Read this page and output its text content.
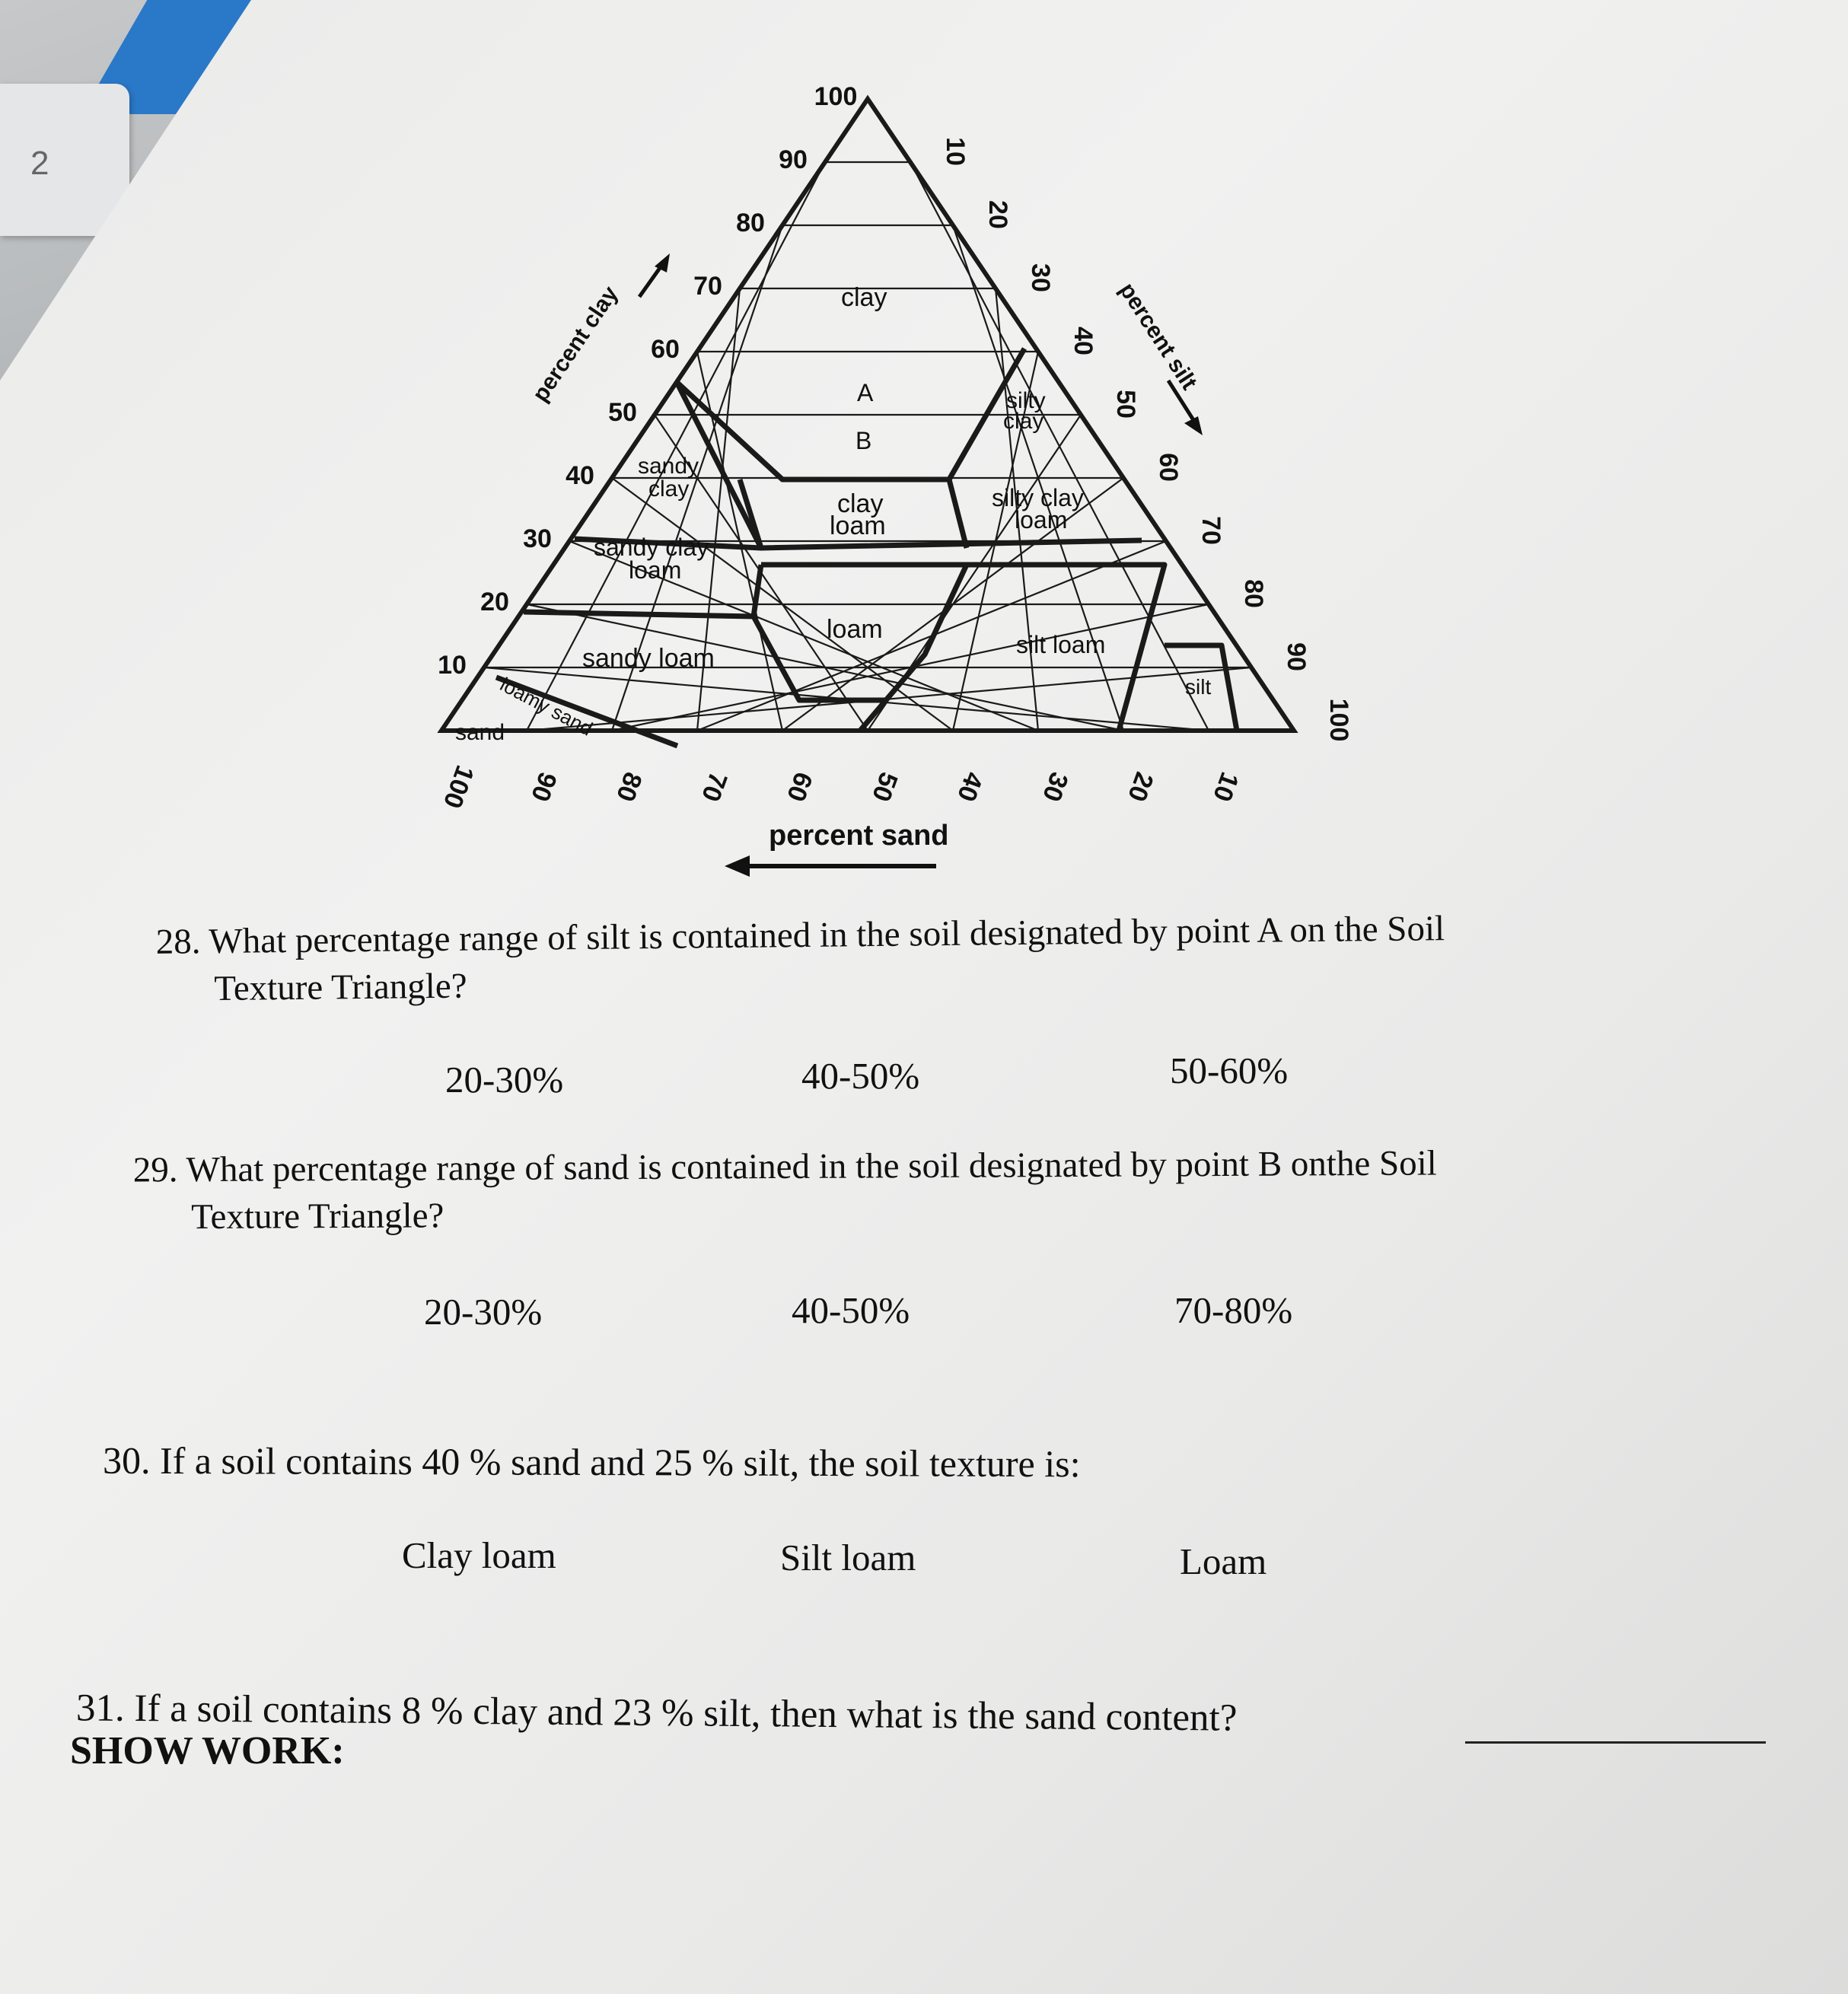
2
10
20
30
40
50
60
70
80
90
100
10
20
30
40
50
60
70
80
90
100
100 90 80 70 60 50 40 30 20 10
percent clay	percent silt
percent sand
clay
A
B
silty
clay
sandy
clay
clay
loam
silty clay
loam
sandy clay
loam
loam
silt loam
sandy loam
silt
loamy sand
sand
28. What percentage range of silt is contained in the soil designated by point A on the Soil
Texture Triangle?
20-30%	40-50%	50-60%
29. What percentage range of sand is contained in the soil designated by point B onthe Soil
Texture Triangle?
20-30%	40-50%	70-80%
30. If a soil contains 40 % sand and 25 % silt, the soil texture is:
Clay loam	Silt loam	Loam
31. If a soil contains 8 % clay and 23 % silt, then what is the sand content?
SHOW WORK:
